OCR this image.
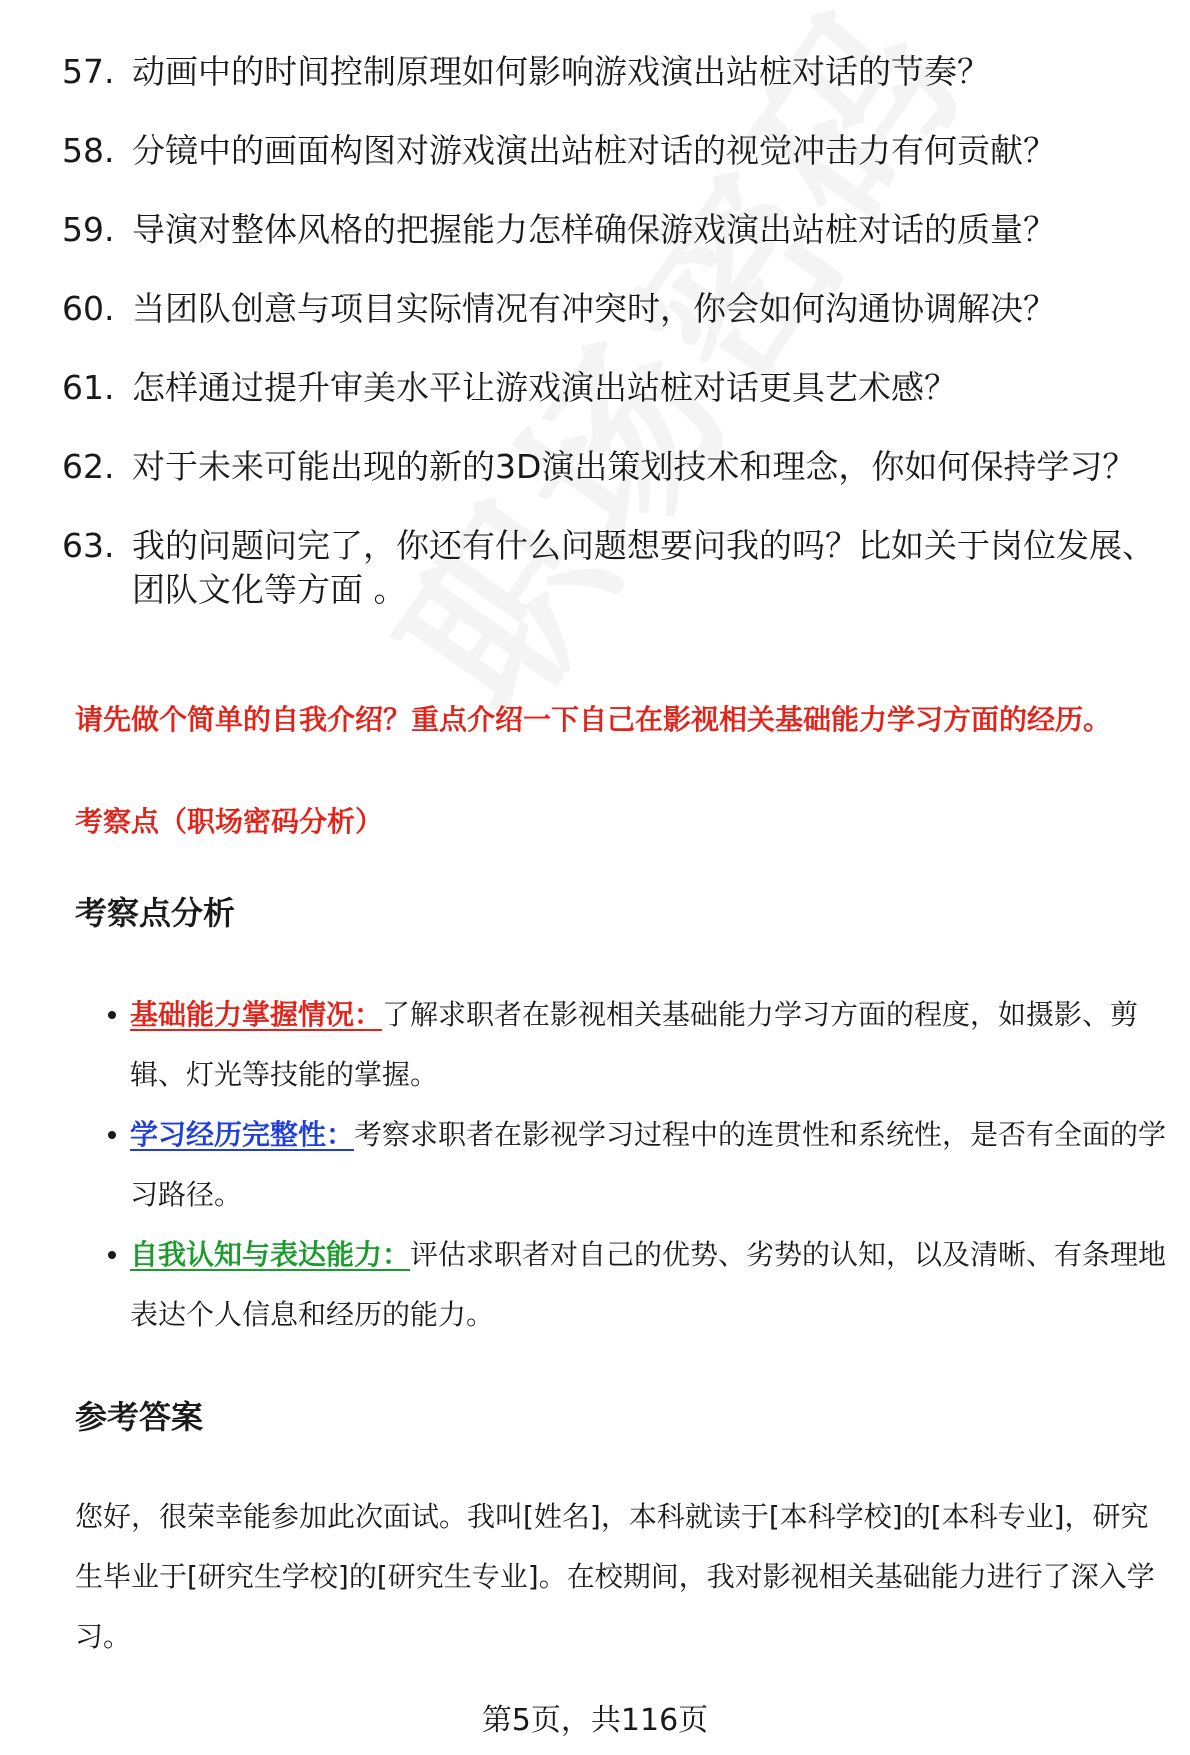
57. 动画中的时间控制原理如何影响游戏演出站桩对话的节奏？
58. 分镜中的画面构图对游戏演出站桩对话的视觉冲击力有何贡献？
59. 导演对整体风格的把握能力怎样确保游戏演出站桩对话的质量？
60. 当团队创意与项目实际情况有冲突时，你会如何沟通协调解决？
61. 怎样通过提升审美水平让游戏演出站桩对话更具艺术感？
62. 对于未来可能出现的新的3D演出策划技术和理念，你如何保持学习？
63. 我的问题问完了，你还有什么问题想要问我的吗？比如关于岗位发展、团队文化等方面 。
请先做个简单的自我介绍？重点介绍一下自己在影视相关基础能力学习方面的经历。
考察点（职场密码分析）
考察点分析
基础能力掌握情况：了解求职者在影视相关基础能力学习方面的程度，如摄影、剪辑、灯光等技能的掌握。
学习经历完整性：考察求职者在影视学习过程中的连贯性和系统性，是否有全面的学习路径。
自我认知与表达能力：评估求职者对自己的优势、劣势的认知，以及清晰、有条理地表达个人信息和经历的能力。
参考答案
您好，很荣幸能参加此次面试。我叫[姓名]，本科就读于[本科学校]的[本科专业]，研究生毕业于[研究生学校]的[研究生专业]。在校期间，我对影视相关基础能力进行了深入学习。
第5页，共116页
